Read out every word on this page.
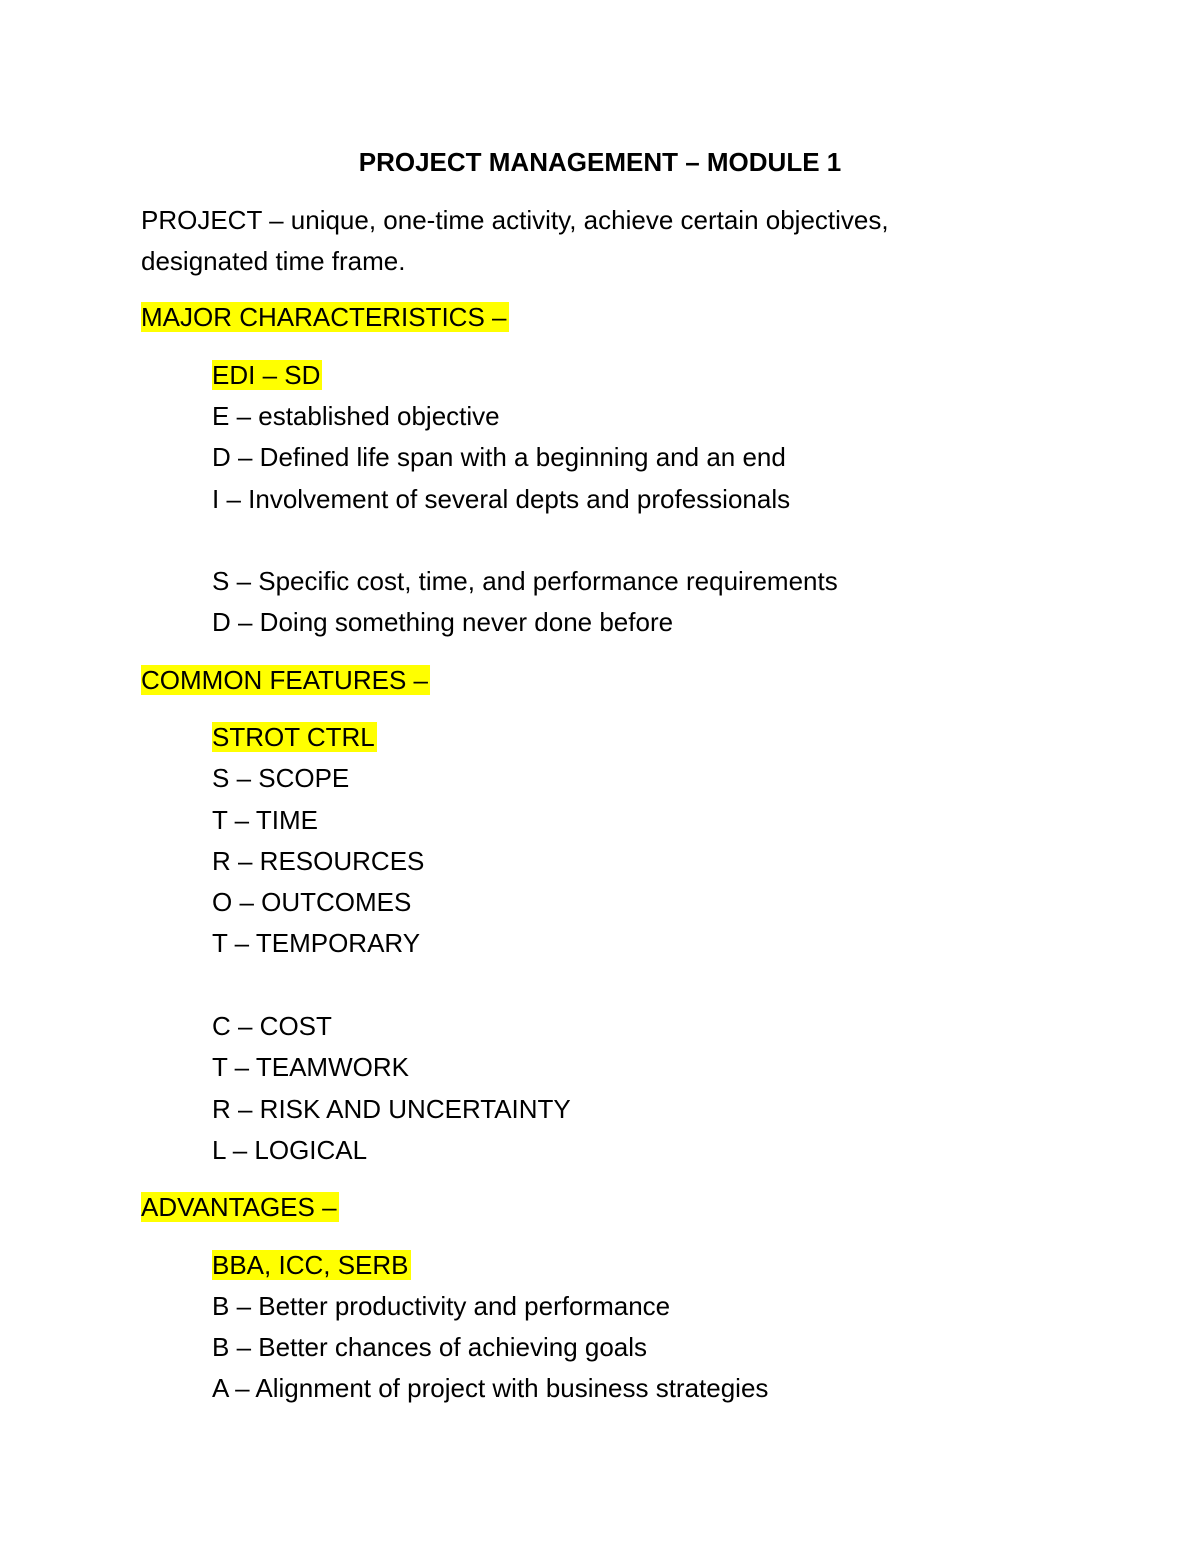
PROJECT MANAGEMENT – MODULE 1
PROJECT – unique, one-time activity, achieve certain objectives,
designated time frame.
MAJOR CHARACTERISTICS –
EDI – SD
E – established objective
D – Defined life span with a beginning and an end
I – Involvement of several depts and professionals
S – Specific cost, time, and performance requirements
D – Doing something never done before
COMMON FEATURES –
STROT CTRL
S – SCOPE
T – TIME
R – RESOURCES
O – OUTCOMES
T – TEMPORARY
C – COST
T – TEAMWORK
R – RISK AND UNCERTAINTY
L – LOGICAL
ADVANTAGES –
BBA, ICC, SERB
B – Better productivity and performance
B – Better chances of achieving goals
A – Alignment of project with business strategies
